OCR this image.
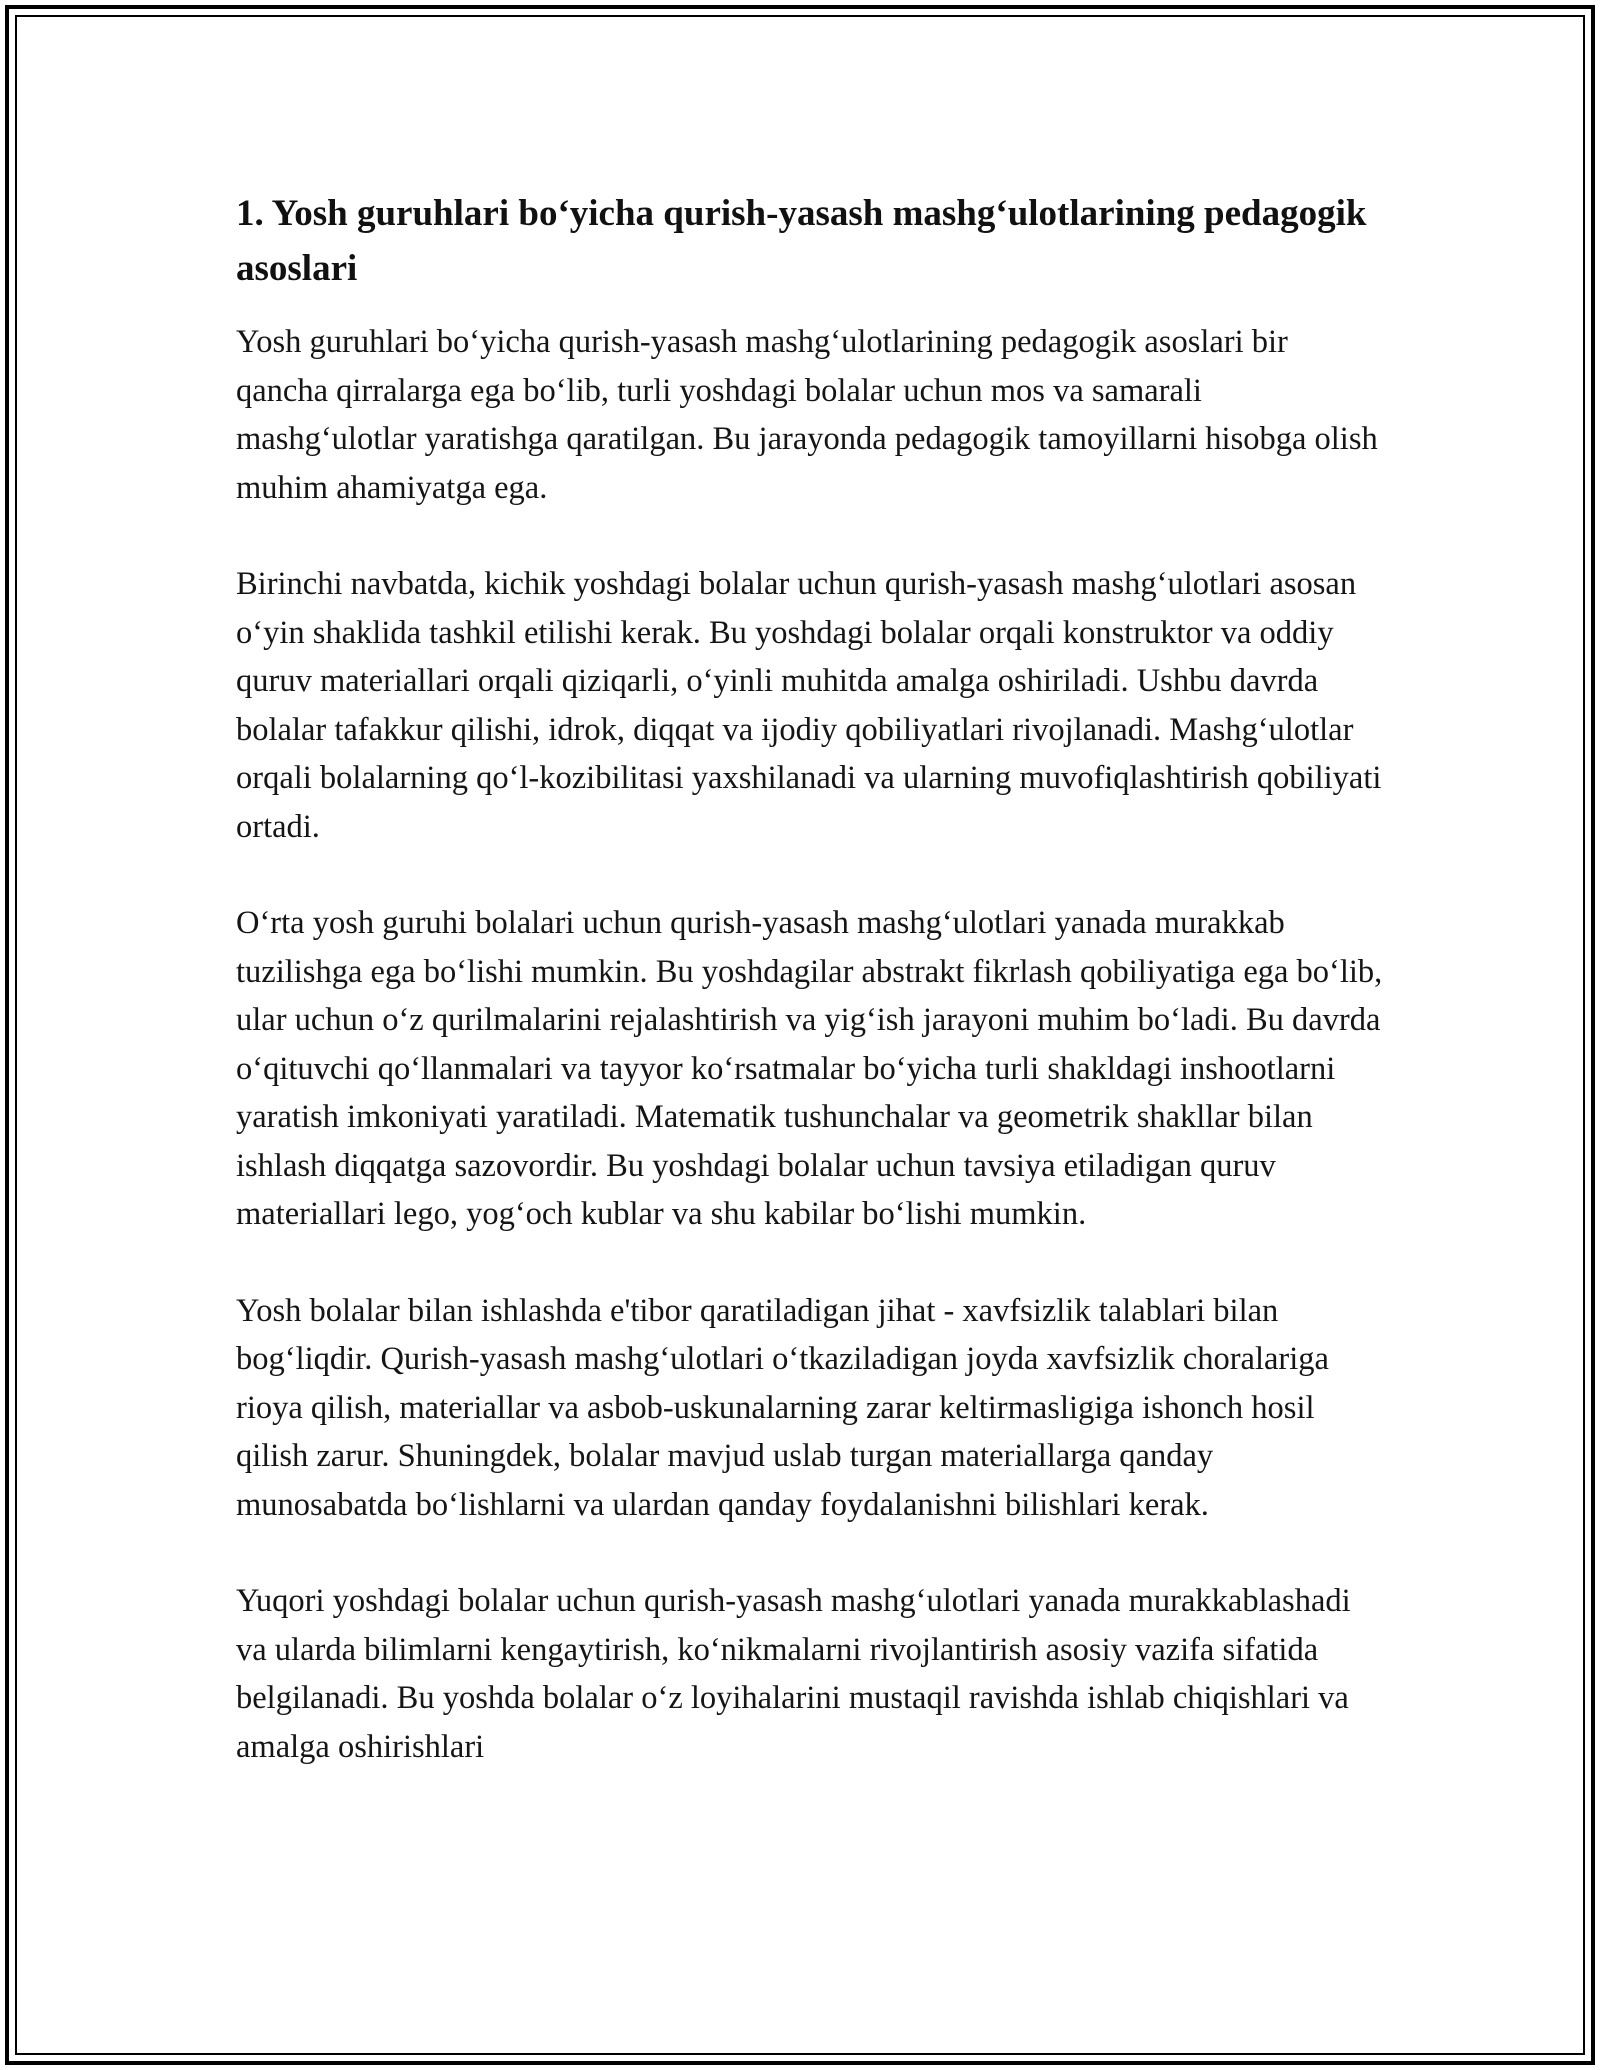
1. Yosh guruhlari bo‘yicha qurish-yasash mashg‘ulotlarining pedagogik asoslari

Yosh guruhlari bo‘yicha qurish-yasash mashg‘ulotlarining pedagogik asoslari bir qancha qirralarga ega bo‘lib, turli yoshdagi bolalar uchun mos va samarali mashg‘ulotlar yaratishga qaratilgan. Bu jarayonda pedagogik tamoyillarni hisobga olish muhim ahamiyatga ega.

Birinchi navbatda, kichik yoshdagi bolalar uchun qurish-yasash mashg‘ulotlari asosan o‘yin shaklida tashkil etilishi kerak. Bu yoshdagi bolalar orqali konstruktor va oddiy quruv materiallari orqali qiziqarli, o‘yinli muhitda amalga oshiriladi. Ushbu davrda bolalar tafakkur qilishi, idrok, diqqat va ijodiy qobiliyatlari rivojlanadi. Mashg‘ulotlar orqali bolalarning qo‘l-kozibilitasi yaxshilanadi va ularning muvofiqlashtirish qobiliyati ortadi.

O‘rta yosh guruhi bolalari uchun qurish-yasash mashg‘ulotlari yanada murakkab tuzilishga ega bo‘lishi mumkin. Bu yoshdagilar abstrakt fikrlash qobiliyatiga ega bo‘lib, ular uchun o‘z qurilmalarini rejalashtirish va yig‘ish jarayoni muhim bo‘ladi. Bu davrda o‘qituvchi qo‘llanmalari va tayyor ko‘rsatmalar bo‘yicha turli shakldagi inshootlarni yaratish imkoniyati yaratiladi. Matematik tushunchalar va geometrik shakllar bilan ishlash diqqatga sazovordir. Bu yoshdagi bolalar uchun tavsiya etiladigan quruv materiallari lego, yog‘och kublar va shu kabilar bo‘lishi mumkin.

Yosh bolalar bilan ishlashda e'tibor qaratiladigan jihat - xavfsizlik talablari bilan bog‘liqdir. Qurish-yasash mashg‘ulotlari o‘tkaziladigan joyda xavfsizlik choralariga rioya qilish, materiallar va asbob-uskunalarning zarar keltirmasligiga ishonch hosil qilish zarur. Shuningdek, bolalar mavjud uslab turgan materiallarga qanday munosabatda bo‘lishlarni va ulardan qanday foydalanishni bilishlari kerak.

Yuqori yoshdagi bolalar uchun qurish-yasash mashg‘ulotlari yanada murakkablashadi va ularda bilimlarni kengaytirish, ko‘nikmalarni rivojlantirish asosiy vazifa sifatida belgilanadi. Bu yoshda bolalar o‘z loyihalarini mustaqil ravishda ishlab chiqishlari va amalga oshirishlari
